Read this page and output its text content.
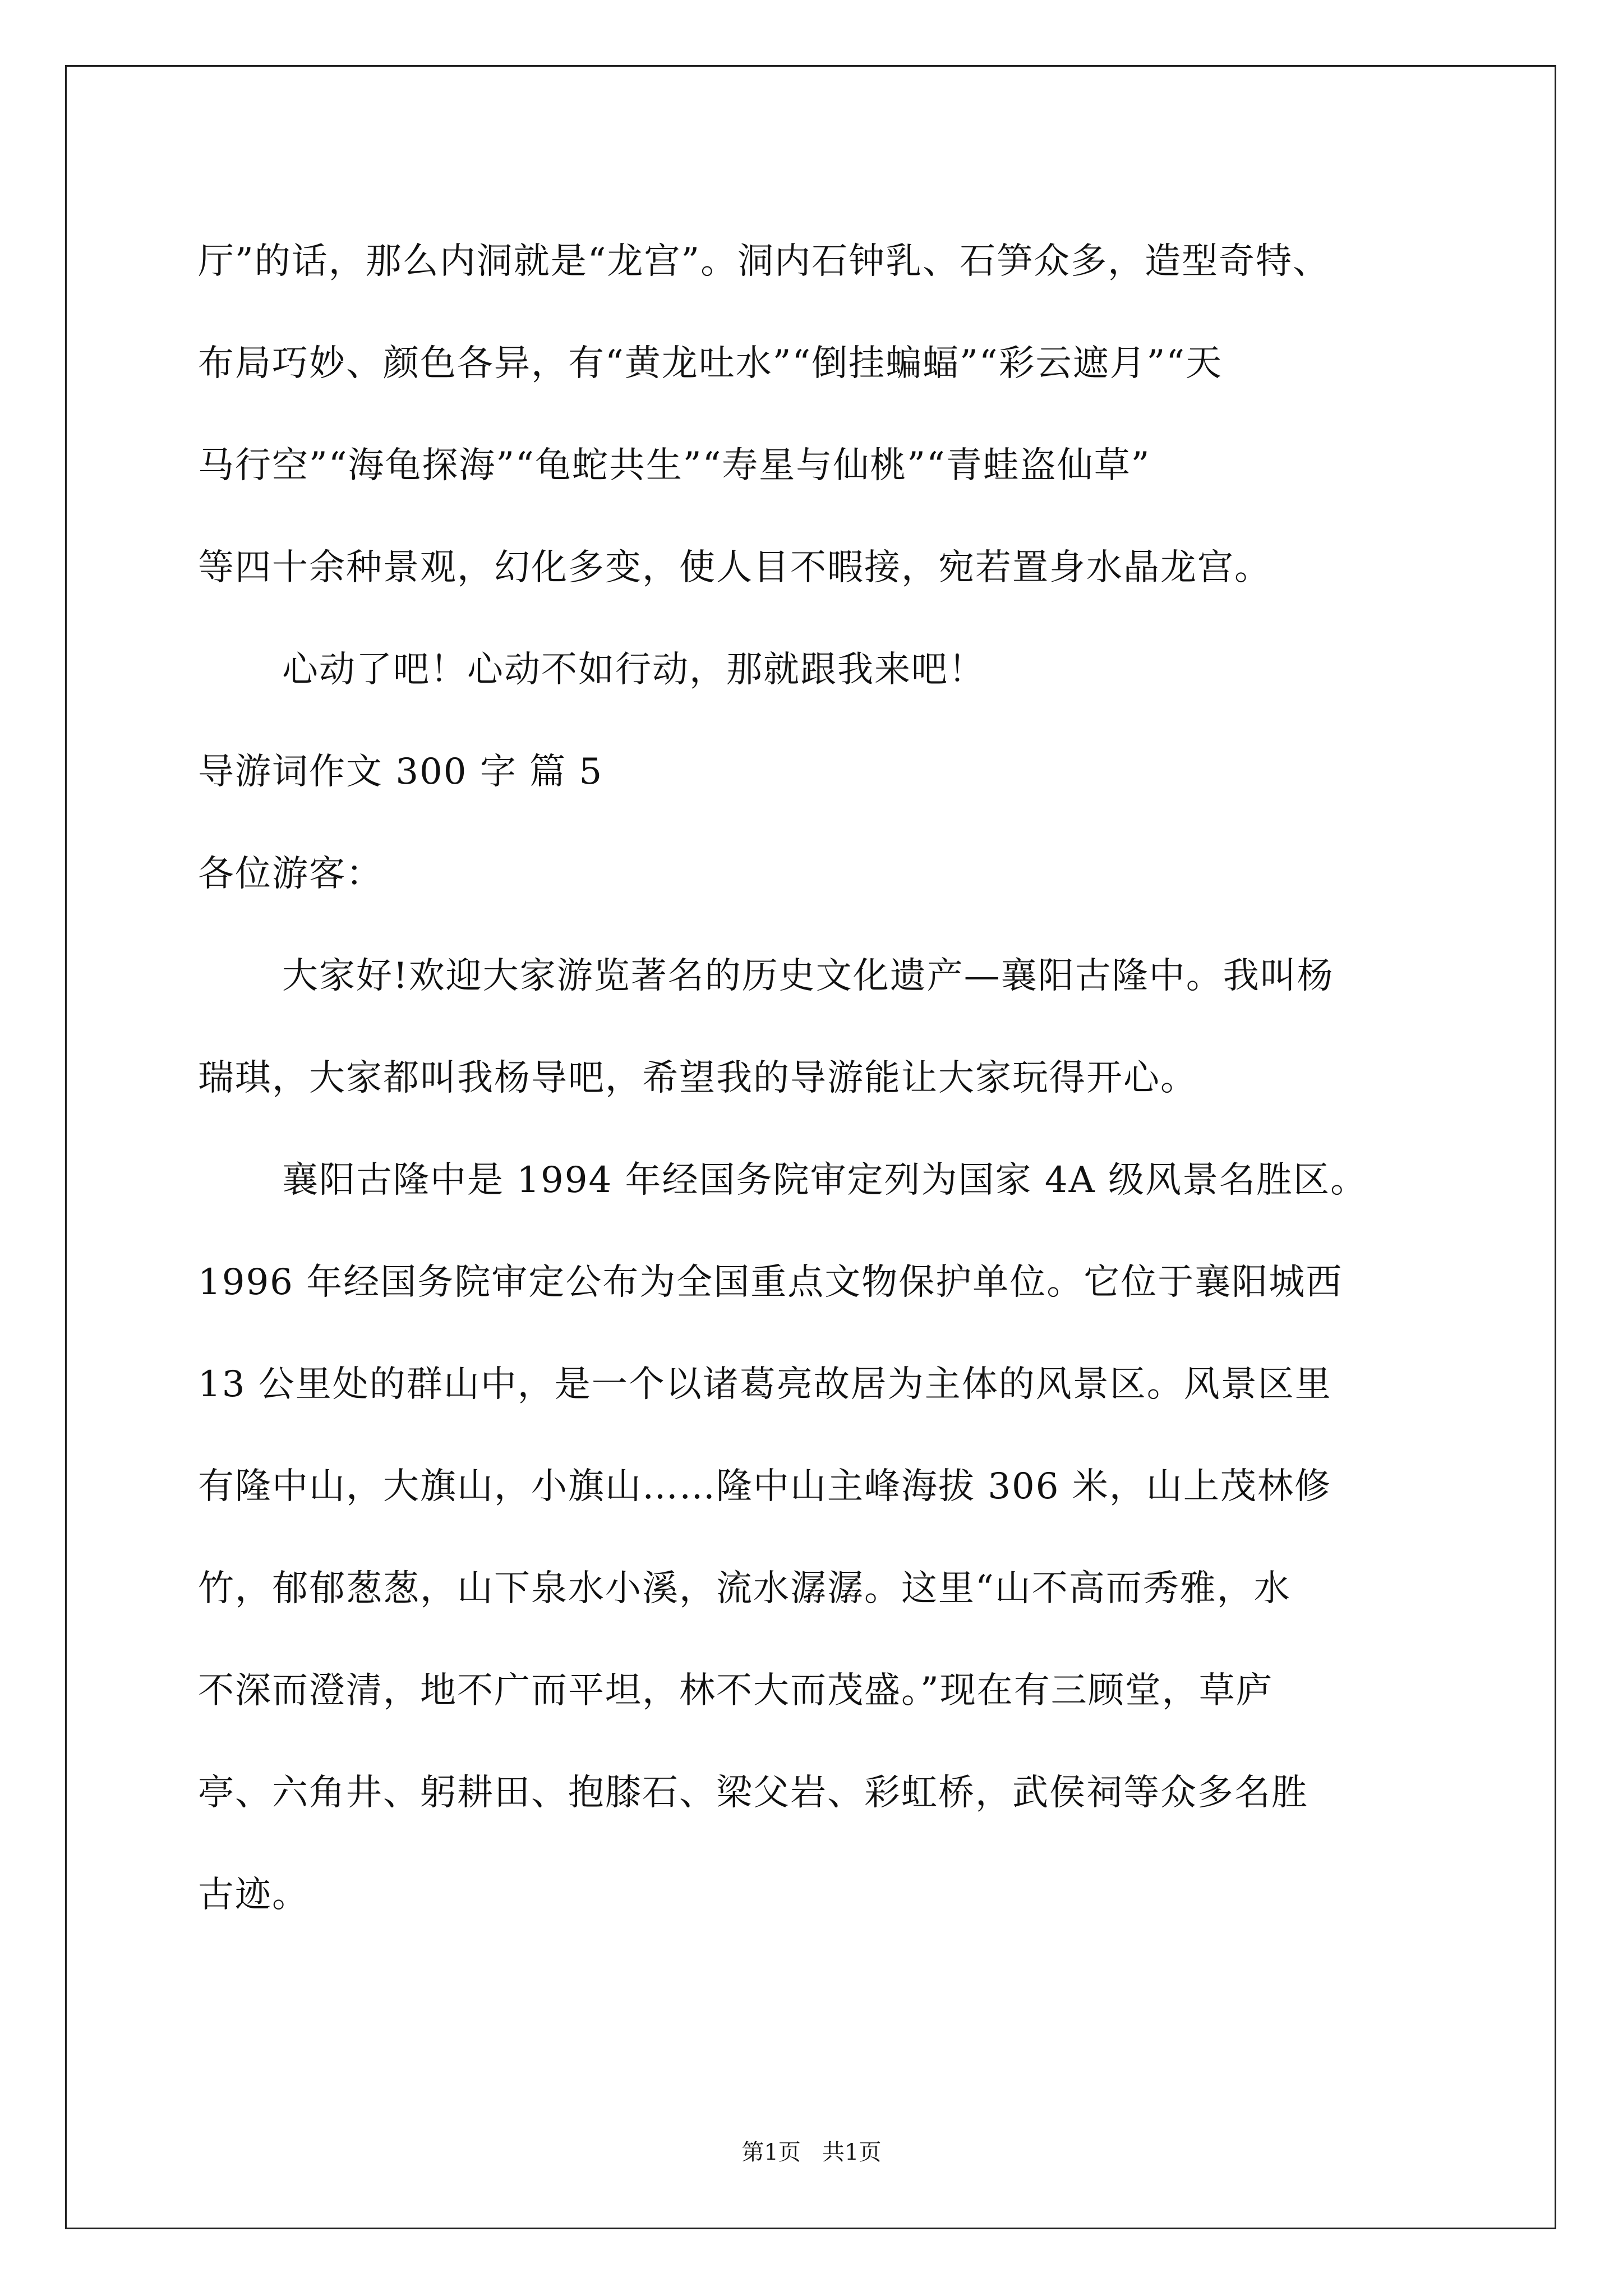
厅”的话，那么内洞就是“龙宫”。洞内石钟乳、石笋众多，造型奇特、
布局巧妙、颜色各异，有“黄龙吐水”“倒挂蝙蝠”“彩云遮月”“天
马行空”“海龟探海”“龟蛇共生”“寿星与仙桃”“青蛙盗仙草”
等四十余种景观，幻化多变，使人目不暇接，宛若置身水晶龙宫。
心动了吧！心动不如行动，那就跟我来吧！
导游词作文 300 字 篇 5
各位游客：
大家好!欢迎大家游览著名的历史文化遗产—襄阳古隆中。我叫杨
瑞琪，大家都叫我杨导吧，希望我的导游能让大家玩得开心。
襄阳古隆中是 1994 年经国务院审定列为国家 4A 级风景名胜区。
1996 年经国务院审定公布为全国重点文物保护单位。它位于襄阳城西
13 公里处的群山中，是一个以诸葛亮故居为主体的风景区。风景区里
有隆中山，大旗山，小旗山……隆中山主峰海拔 306 米，山上茂林修
竹，郁郁葱葱，山下泉水小溪，流水潺潺。这里“山不高而秀雅，水
不深而澄清，地不广而平坦，林不大而茂盛。”现在有三顾堂，草庐
亭、六角井、躬耕田、抱膝石、梁父岩、彩虹桥，武侯祠等众多名胜
古迹。
第1页   共1页
